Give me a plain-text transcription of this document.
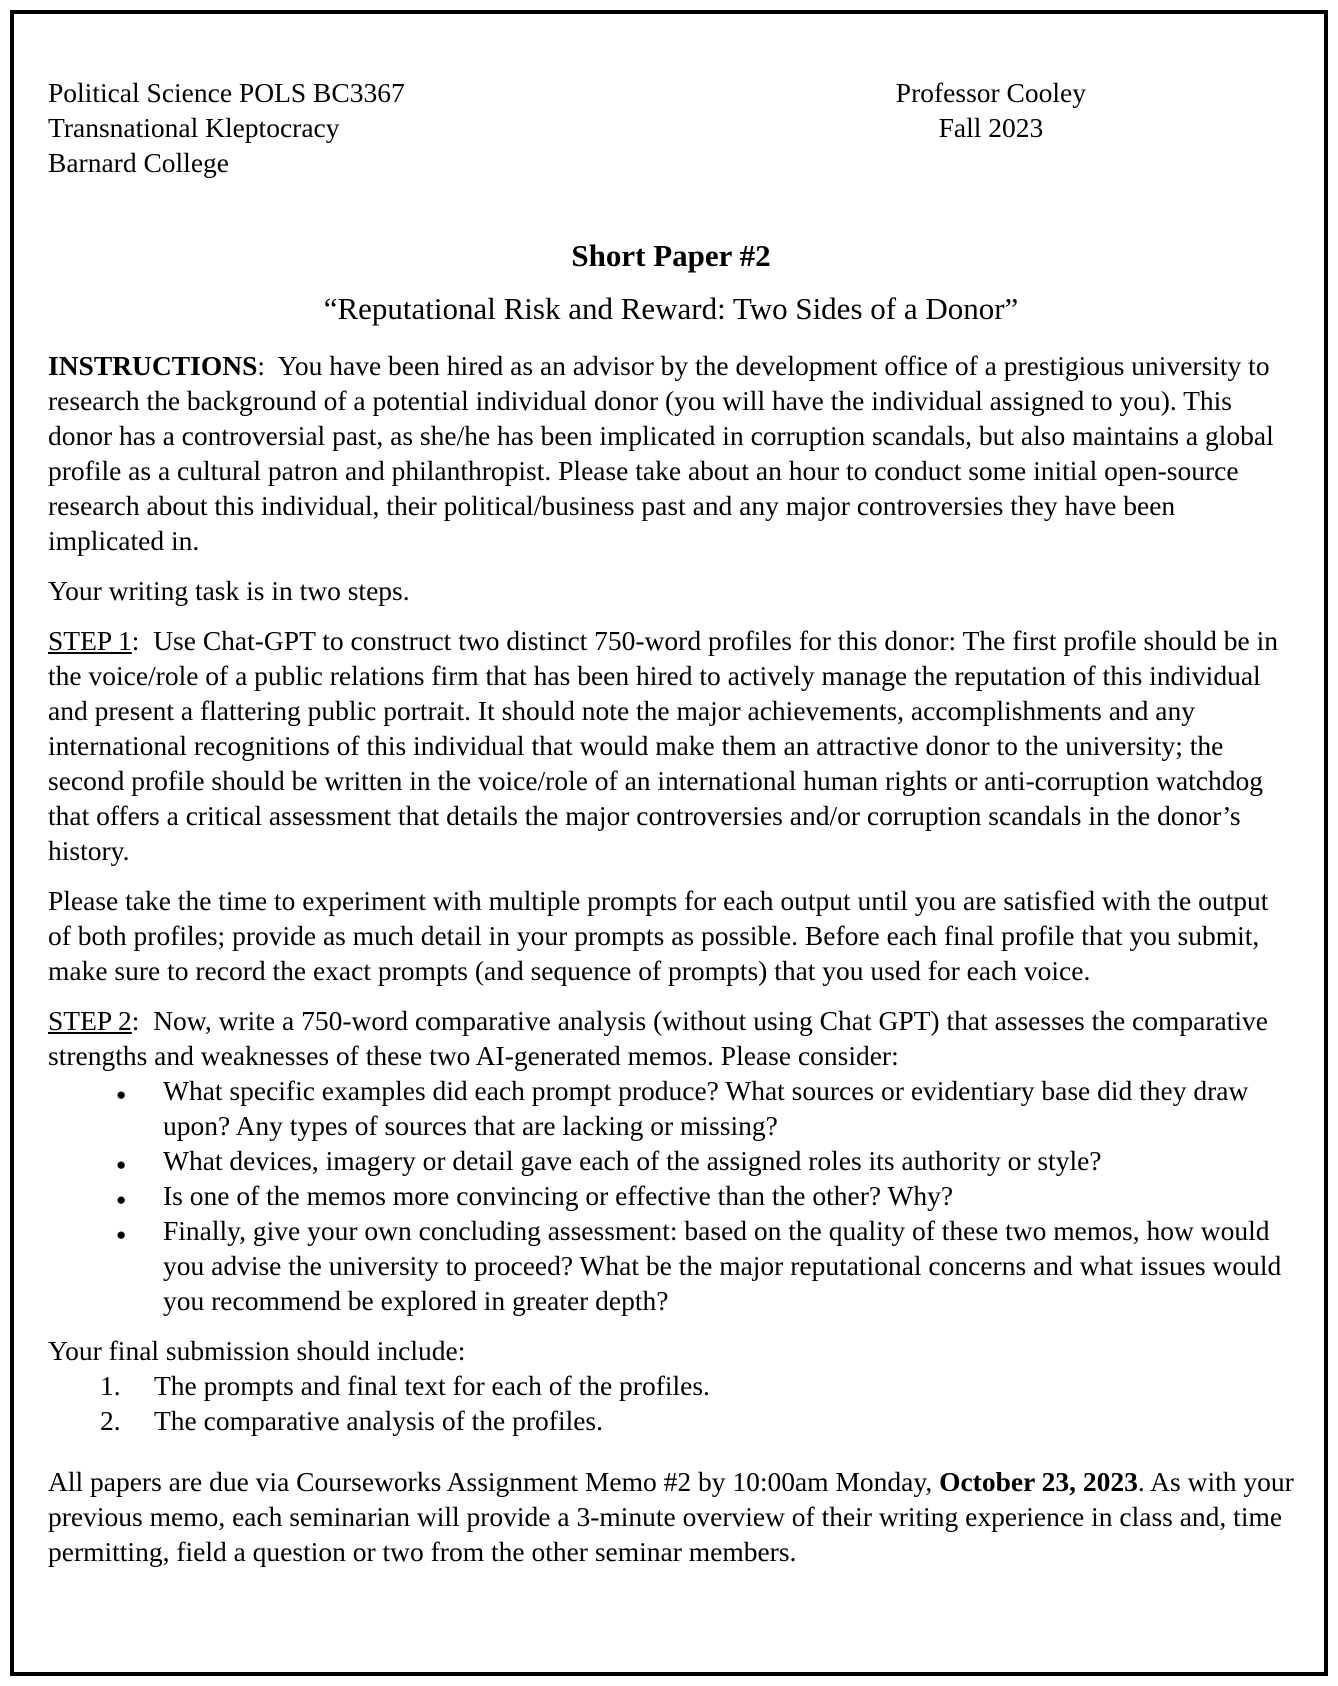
Political Science POLS BC3367
Transnational Kleptocracy
Barnard College
Professor Cooley
Fall 2023
Short Paper #2
“Reputational Risk and Reward: Two Sides of a Donor”

INSTRUCTIONS:  You have been hired as an advisor by the development office of a prestigious university to research the background of a potential individual donor (you will have the individual assigned to you). This donor has a controversial past, as she/he has been implicated in corruption scandals, but also maintains a global profile as a cultural patron and philanthropist. Please take about an hour to conduct some initial open-source research about this individual, their political/business past and any major controversies they have been implicated in.

Your writing task is in two steps.

STEP 1:  Use Chat-GPT to construct two distinct 750-word profiles for this donor: The first profile should be in the voice/role of a public relations firm that has been hired to actively manage the reputation of this individual and present a flattering public portrait. It should note the major achievements, accomplishments and any international recognitions of this individual that would make them an attractive donor to the university; the second profile should be written in the voice/role of an international human rights or anti-corruption watchdog that offers a critical assessment that details the major controversies and/or corruption scandals in the donor’s history.

Please take the time to experiment with multiple prompts for each output until you are satisfied with the output of both profiles; provide as much detail in your prompts as possible. Before each final profile that you submit, make sure to record the exact prompts (and sequence of prompts) that you used for each voice.

STEP 2:  Now, write a 750-word comparative analysis (without using Chat GPT) that assesses the comparative strengths and weaknesses of these two AI-generated memos. Please consider:

● What specific examples did each prompt produce? What sources or evidentiary base did they draw upon? Any types of sources that are lacking or missing?
● What devices, imagery or detail gave each of the assigned roles its authority or style?
● Is one of the memos more convincing or effective than the other? Why?
● Finally, give your own concluding assessment: based on the quality of these two memos, how would you advise the university to proceed? What be the major reputational concerns and what issues would you recommend be explored in greater depth?

Your final submission should include:

The prompts and final text for each of the profiles.
The comparative analysis of the profiles.

All papers are due via Courseworks Assignment Memo #2 by 10:00am Monday, October 23, 2023. As with your previous memo, each seminarian will provide a 3-minute overview of their writing experience in class and, time permitting, field a question or two from the other seminar members.
